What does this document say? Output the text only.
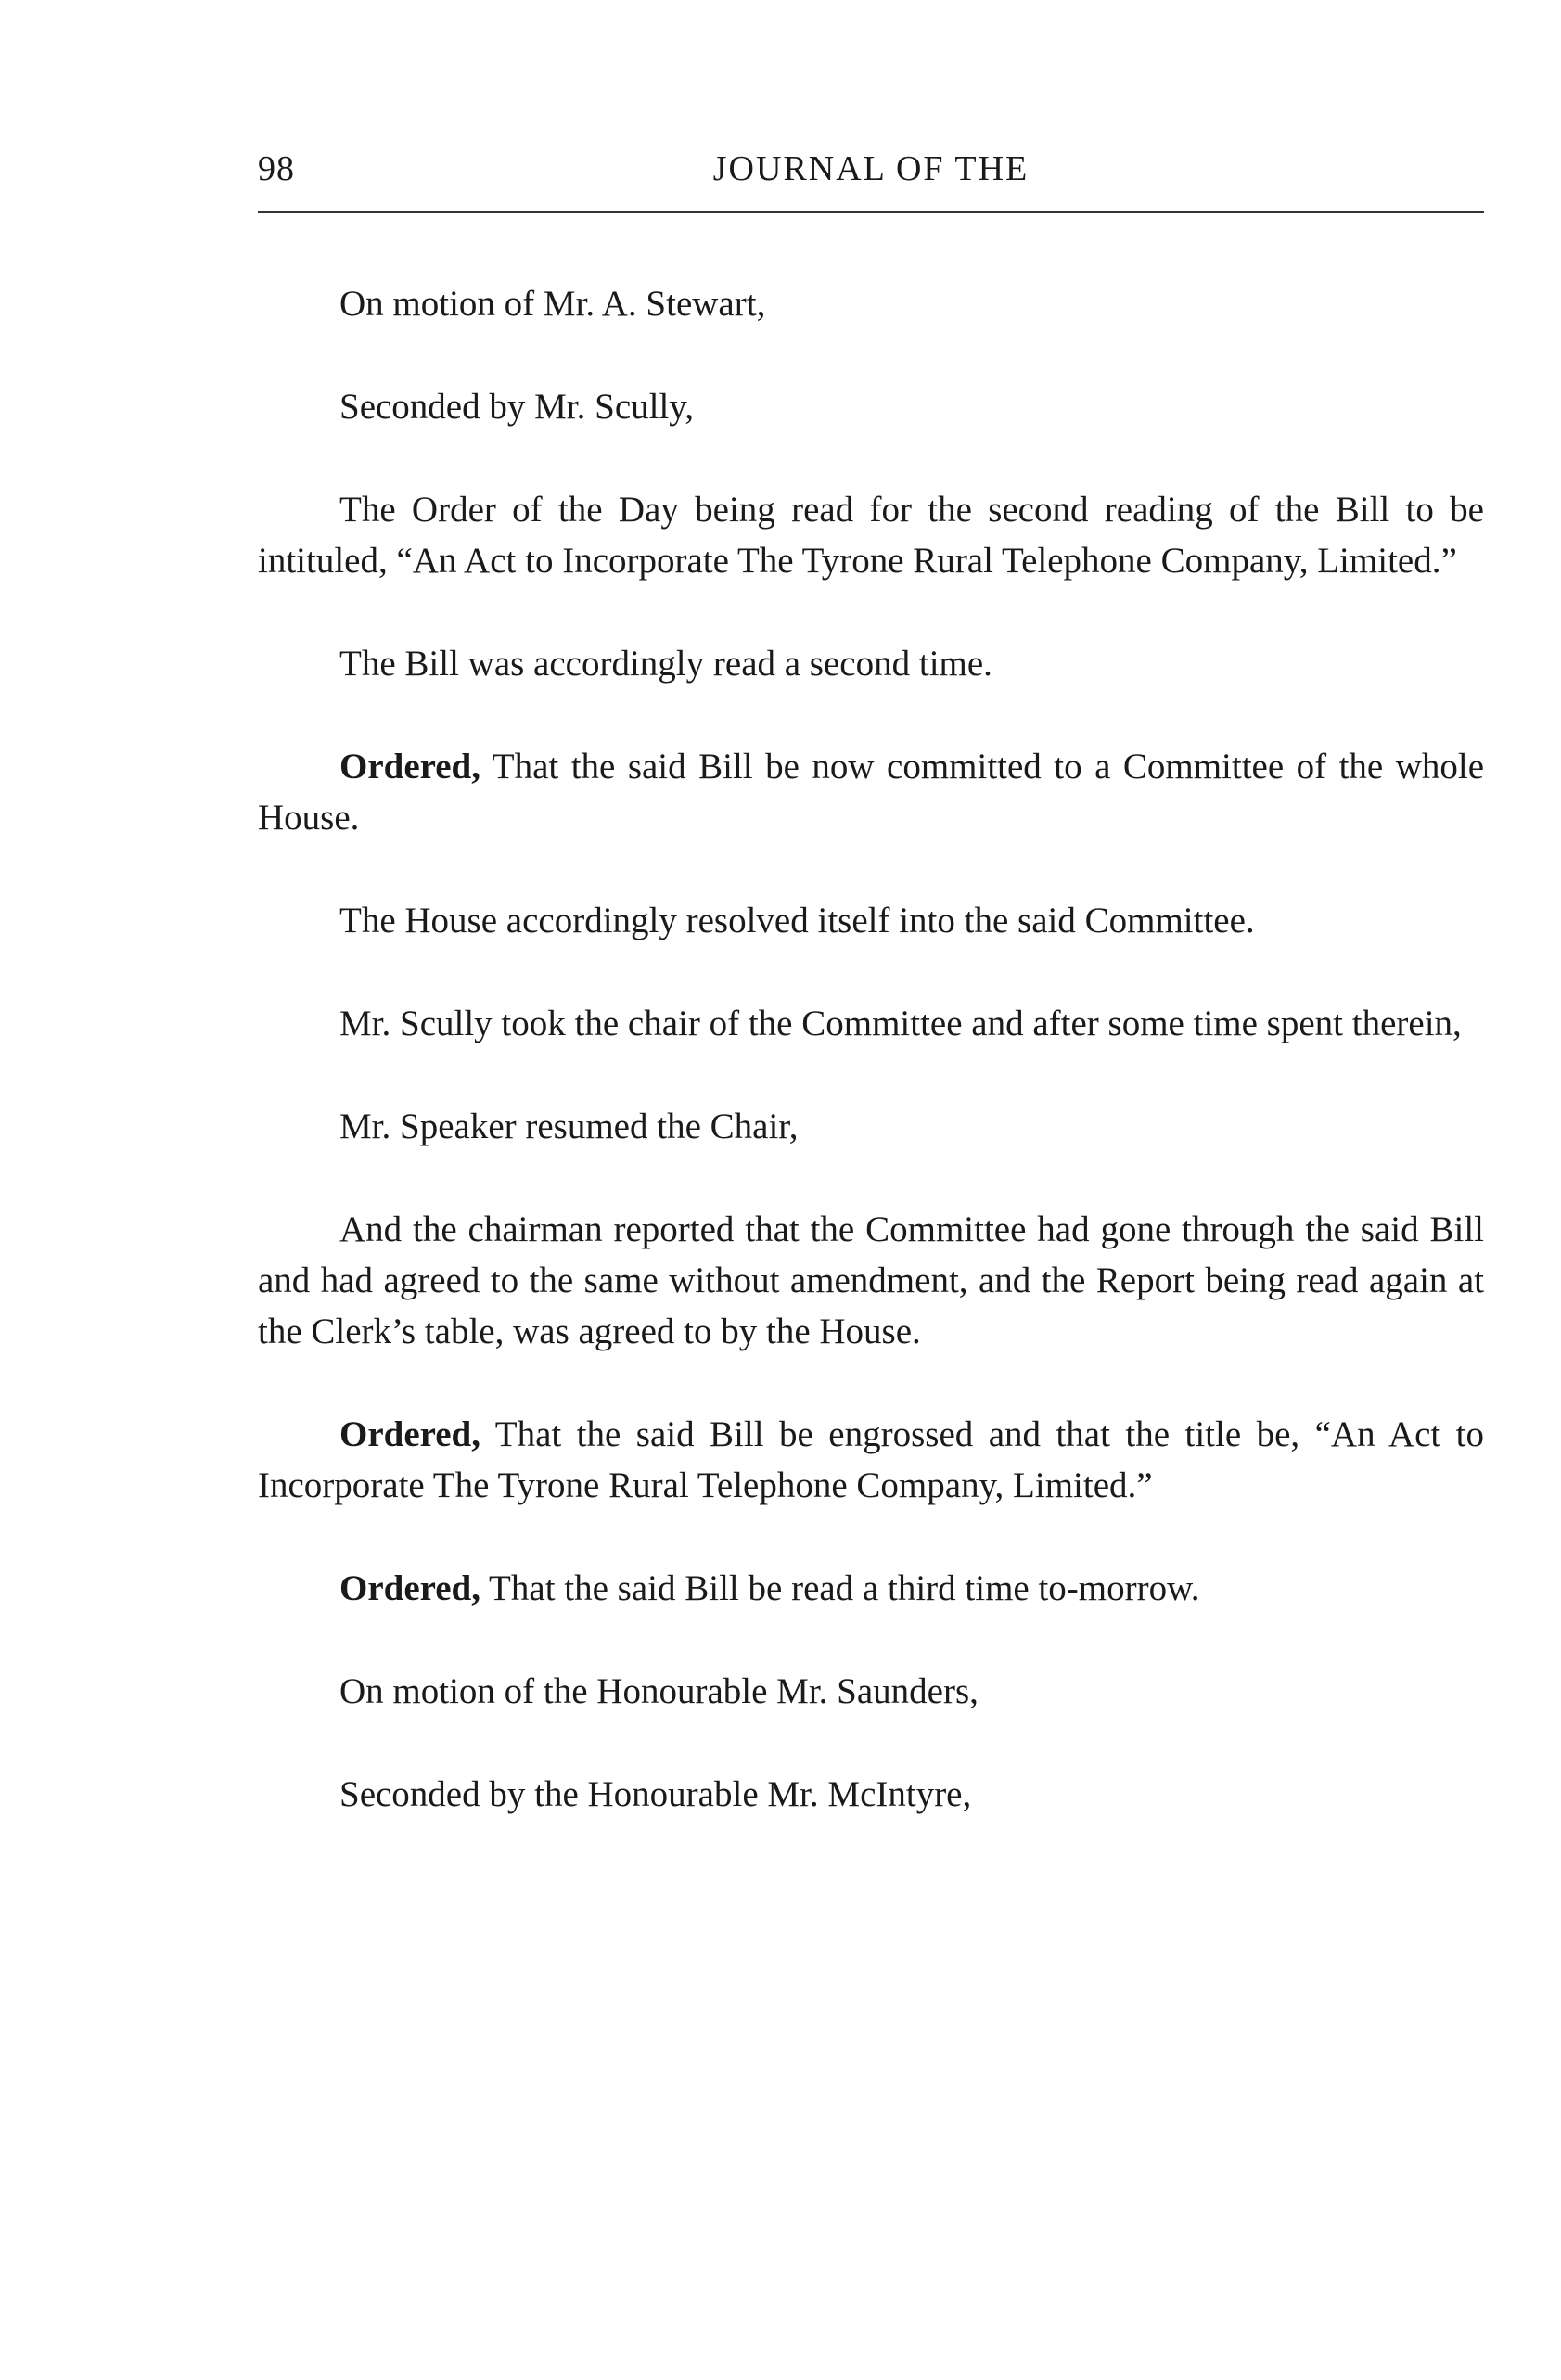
98	JOURNAL OF THE

On motion of Mr. A. Stewart,

Seconded by Mr. Scully,

The Order of the Day being read for the second reading of the Bill to be intituled, “An Act to Incorporate The Tyrone Rural Telephone Company, Limited.”

The Bill was accordingly read a second time.

Ordered, That the said Bill be now committed to a Committee of the whole House.

The House accordingly resolved itself into the said Committee.

Mr. Scully took the chair of the Committee and after some time spent therein,

Mr. Speaker resumed the Chair,

And the chairman reported that the Committee had gone through the said Bill and had agreed to the same without amendment, and the Report being read again at the Clerk’s table, was agreed to by the House.

Ordered, That the said Bill be engrossed and that the title be, “An Act to Incorporate The Tyrone Rural Telephone Company, Limited.”

Ordered, That the said Bill be read a third time to-morrow.

On motion of the Honourable Mr. Saunders,

Seconded by the Honourable Mr. McIntyre,
